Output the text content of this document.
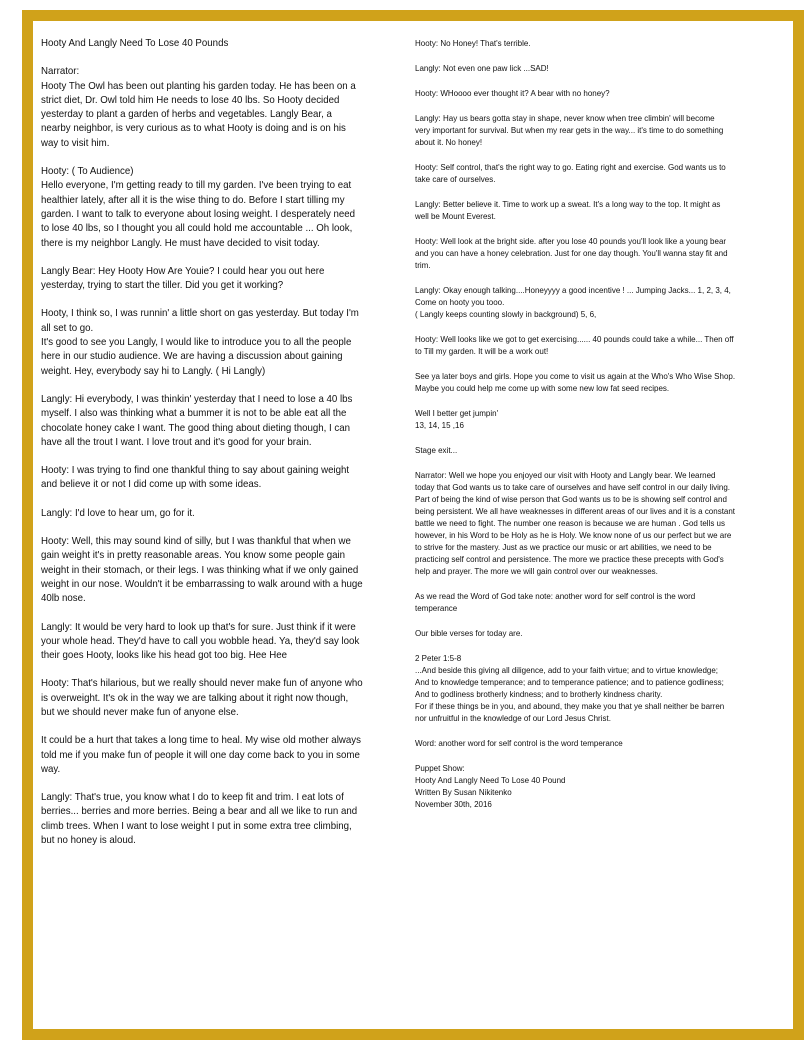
Hooty And Langly Need To Lose 40 Pounds

Narrator:
Hooty The Owl has been out planting his garden today. He has been on a strict diet, Dr. Owl told him He needs to lose 40 lbs. So Hooty decided yesterday to plant a garden of herbs and vegetables. Langly Bear, a nearby neighbor, is very curious as to what Hooty is doing and is on his way to visit him.

Hooty: ( To Audience)
Hello everyone, I'm getting ready to till my garden. I've been trying to eat healthier lately, after all it is the wise thing to do. Before I start tilling my garden. I want to talk to everyone about losing weight. I desperately need to lose 40 lbs, so I thought you all could hold me accountable ... Oh look, there is my neighbor Langly. He must have decided to visit today.

Langly Bear: Hey Hooty How Are Youie? I could hear you out here yesterday, trying to start the tiller. Did you get it working?

Hooty, I think so, I was runnin' a little short on gas yesterday. But today I'm all set to go.
It's good to see you Langly, I would like to introduce you to all the people here in our studio audience. We are having a discussion about gaining weight. Hey, everybody say hi to Langly. ( Hi Langly)

Langly: Hi everybody, I was thinkin' yesterday that I need to lose a 40 lbs myself. I also was thinking what a bummer it is not to be able eat all the chocolate honey cake I want. The good thing about dieting though, I can have all the trout I want. I love trout and it's good for your brain.

Hooty: I was trying to find one thankful thing to say about gaining weight and believe it or not I did come up with some ideas.

Langly: I'd love to hear um, go for it.

Hooty: Well, this may sound kind of silly, but I was thankful that when we gain weight it's in pretty reasonable areas. You know some people gain weight in their stomach, or their legs. I was thinking what if we only gained weight in our nose. Wouldn't it be embarrassing to walk around with a huge 40lb nose.

Langly: It would be very hard to look up that's for sure. Just think if it were your whole head. They'd have to call you wobble head. Ya, they'd say look their goes Hooty, looks like his head got too big. Hee Hee

Hooty: That's hilarious, but we really should never make fun of anyone who is overweight. It's ok in the way we are talking about it right now though, but we should never make fun of anyone else.

It could be a hurt that takes a long time to heal. My wise old mother always told me if you make fun of people it will one day come back to you in some way.

Langly: That's true, you know what I do to keep fit and trim. I eat lots of berries... berries and more berries. Being a bear and all we like to run and climb trees. When I want to lose weight I put in some extra tree climbing, but no honey is aloud.

Hooty: No Honey! That's terrible.

Langly: Not even one paw lick ...SAD!

Hooty: WHoooo ever thought it? A bear with no honey?

Langly: Hay us bears gotta stay in shape, never know when tree climbin' will become
very important for survival. But when my rear gets in the way... it's time to do something about it. No honey!

Hooty: Self control, that's the right way to go. Eating right and exercise. God wants us to take care of ourselves.

Langly: Better believe it. Time to work up a sweat. It's a long way to the top. It might as well be Mount Everest.

Hooty: Well look at the bright side. after you lose 40 pounds you'll look like a young bear and you can have a honey celebration. Just for one day though. You'll wanna stay fit and trim.

Langly: Okay enough talking....Honeyyyy a good incentive ! ... Jumping Jacks... 1, 2, 3, 4, Come on hooty you tooo.
( Langly keeps counting slowly in background) 5, 6,

Hooty: Well looks like we got to get exercising...... 40 pounds could take a while... Then off to Till my garden. It will be a work out!

See ya later boys and girls. Hope you come to visit us again at the Who's Who Wise Shop. Maybe you could help me come up with some new low fat seed recipes.

Well I better get jumpin'
13, 14, 15 ,16

Stage exit...

Narrator: Well we hope you enjoyed our visit with Hooty and Langly bear. We learned today that God wants us to take care of ourselves and have self control in our daily living. Part of being the kind of wise person that God wants us to be is showing self control and being persistent. We all have weaknesses in different areas of our lives and it is a constant battle we need to fight. The number one reason is because we are human . God tells us however, in his Word to be Holy as he is Holy. We know none of us our perfect but we are to strive for the mastery. Just as we practice our music or art abilities, we need to be practicing self control and persistence. The more we practice these precepts with God's help and prayer. The more we will gain control over our weaknesses.

As we read the Word of God take note: another word for self control is the word temperance

Our bible verses for today are.

2 Peter 1:5-8
...And beside this giving all diligence, add to your faith virtue; and to virtue knowledge;
And to knowledge temperance; and to temperance patience; and to patience godliness;
And to godliness brotherly kindness; and to brotherly kindness charity.
For if these things be in you, and abound, they make you that ye shall neither be barren nor unfruitful in the knowledge of our Lord Jesus Christ.

Word: another word for self control is the word temperance

Puppet Show:
Hooty And Langly Need To Lose 40 Pound
Written By Susan Nikitenko
November 30th, 2016
